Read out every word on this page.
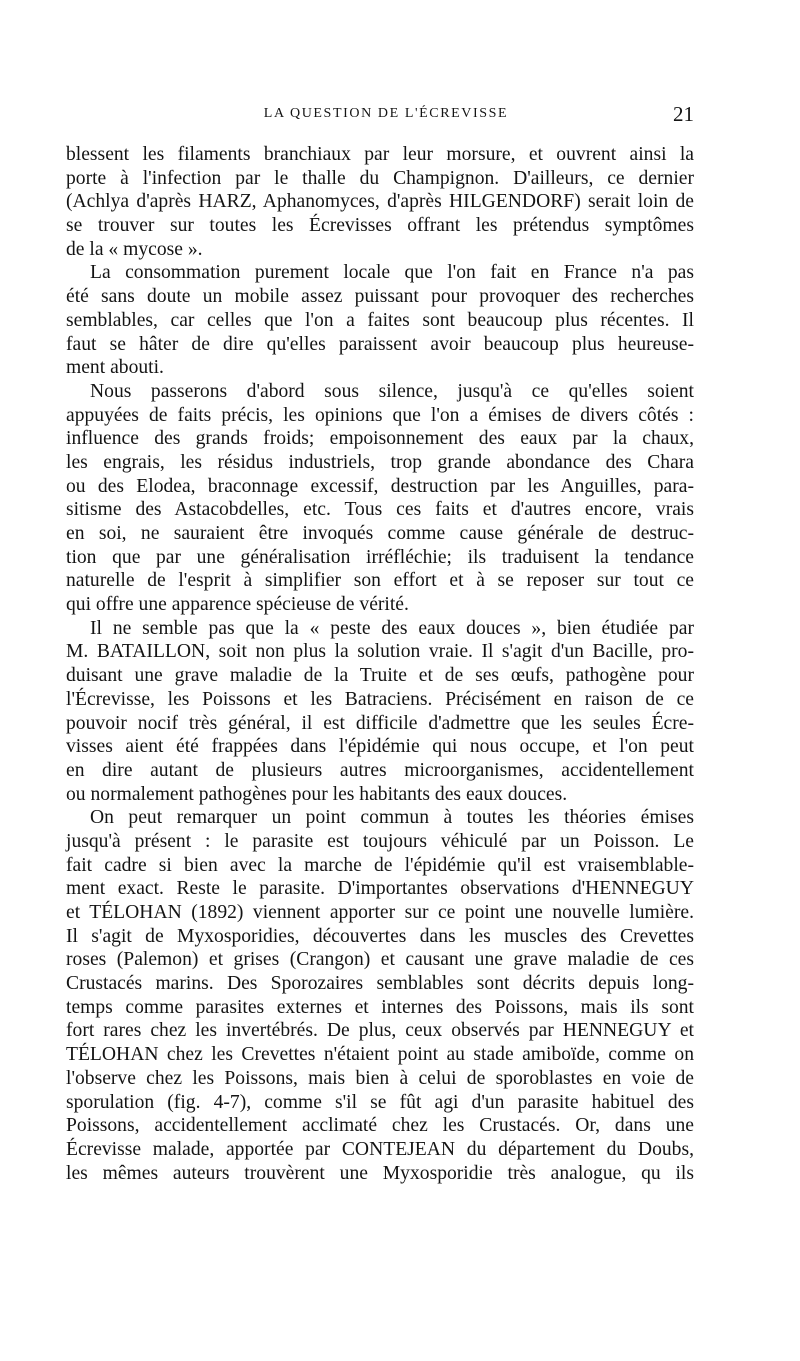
LA QUESTION DE L'ÉCREVISSE	21
blessent les filaments branchiaux par leur morsure, et ouvrent ainsi la
porte à l'infection par le thalle du Champignon. D'ailleurs, ce dernier
(Achlya d'après HARZ, Aphanomyces, d'après HILGENDORF) serait loin de
se trouver sur toutes les Écrevisses offrant les prétendus symptômes
de la « mycose ».
La consommation purement locale que l'on fait en France n'a pas
été sans doute un mobile assez puissant pour provoquer des recherches
semblables, car celles que l'on a faites sont beaucoup plus récentes. Il
faut se hâter de dire qu'elles paraissent avoir beaucoup plus heureuse-
ment abouti.
Nous passerons d'abord sous silence, jusqu'à ce qu'elles soient
appuyées de faits précis, les opinions que l'on a émises de divers côtés :
influence des grands froids; empoisonnement des eaux par la chaux,
les engrais, les résidus industriels, trop grande abondance des Chara
ou des Elodea, braconnage excessif, destruction par les Anguilles, para-
sitisme des Astacobdelles, etc. Tous ces faits et d'autres encore, vrais
en soi, ne sauraient être invoqués comme cause générale de destruc-
tion que par une généralisation irréfléchie; ils traduisent la tendance
naturelle de l'esprit à simplifier son effort et à se reposer sur tout ce
qui offre une apparence spécieuse de vérité.
Il ne semble pas que la « peste des eaux douces », bien étudiée par
M. BATAILLON, soit non plus la solution vraie. Il s'agit d'un Bacille, pro-
duisant une grave maladie de la Truite et de ses œufs, pathogène pour
l'Écrevisse, les Poissons et les Batraciens. Précisément en raison de ce
pouvoir nocif très général, il est difficile d'admettre que les seules Écre-
visses aient été frappées dans l'épidémie qui nous occupe, et l'on peut
en dire autant de plusieurs autres microorganismes, accidentellement
ou normalement pathogènes pour les habitants des eaux douces.
On peut remarquer un point commun à toutes les théories émises
jusqu'à présent : le parasite est toujours véhiculé par un Poisson. Le
fait cadre si bien avec la marche de l'épidémie qu'il est vraisemblable-
ment exact. Reste le parasite. D'importantes observations d'HENNEGUY
et TÉLOHAN (1892) viennent apporter sur ce point une nouvelle lumière.
Il s'agit de Myxosporidies, découvertes dans les muscles des Crevettes
roses (Palemon) et grises (Crangon) et causant une grave maladie de ces
Crustacés marins. Des Sporozaires semblables sont décrits depuis long-
temps comme parasites externes et internes des Poissons, mais ils sont
fort rares chez les invertébrés. De plus, ceux observés par HENNEGUY et
TÉLOHAN chez les Crevettes n'étaient point au stade amiboïde, comme on
l'observe chez les Poissons, mais bien à celui de sporoblastes en voie de
sporulation (fig. 4-7), comme s'il se fût agi d'un parasite habituel des
Poissons, accidentellement acclimaté chez les Crustacés. Or, dans une
Écrevisse malade, apportée par CONTEJEAN du département du Doubs,
les mêmes auteurs trouvèrent une Myxosporidie très analogue, qu ils
